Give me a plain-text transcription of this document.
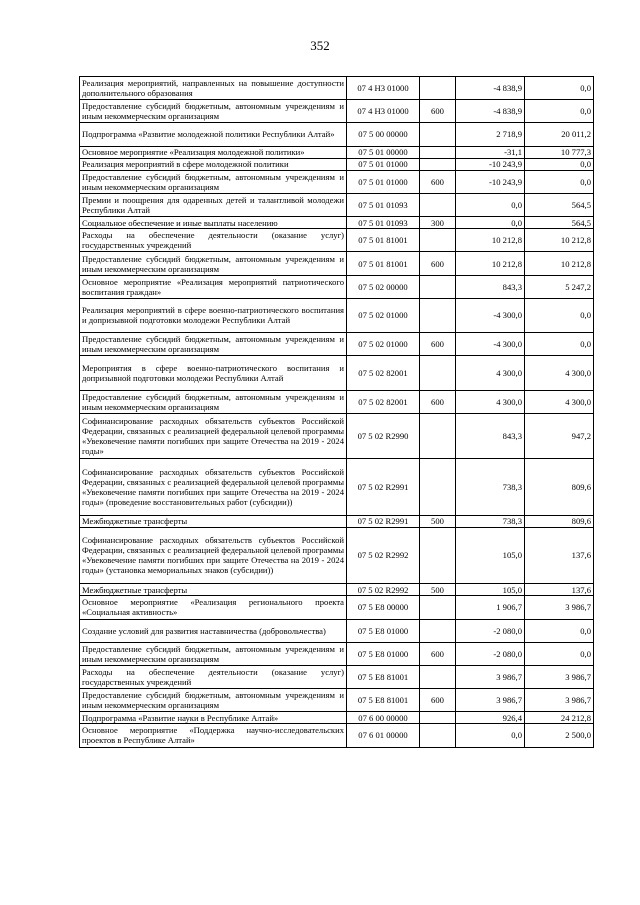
352
Реализация мероприятий, направленных на повышение доступности дополнительного образования	07 4 Н3 01000		-4 838,9	0,0
Предоставление субсидий бюджетным, автономным учреждениям и иным некоммерческим организациям	07 4 Н3 01000	600	-4 838,9	0,0
Подпрограмма «Развитие молодежной политики Республики Алтай»	07 5 00 00000		2 718,9	20 011,2
Основное мероприятие «Реализация молодежной политики»	07 5 01 00000		-31,1	10 777,3
Реализация мероприятий в сфере молодежной политики	07 5 01 01000		-10 243,9	0,0
Предоставление субсидий бюджетным, автономным учреждениям и иным некоммерческим организациям	07 5 01 01000	600	-10 243,9	0,0
Премии и поощрения для одаренных детей и талантливой молодежи Республики Алтай	07 5 01 01093		0,0	564,5
Социальное обеспечение и иные выплаты населению	07 5 01 01093	300	0,0	564,5
Расходы на обеспечение деятельности (оказание услуг) государственных учреждений	07 5 01 81001		10 212,8	10 212,8
Предоставление субсидий бюджетным, автономным учреждениям и иным некоммерческим организациям	07 5 01 81001	600	10 212,8	10 212,8
Основное мероприятие «Реализация мероприятий патриотического воспитания граждан»	07 5 02 00000		843,3	5 247,2
Реализация мероприятий в сфере военно-патриотического воспитания и допризывной подготовки молодежи Республики Алтай	07 5 02 01000		-4 300,0	0,0
Предоставление субсидий бюджетным, автономным учреждениям и иным некоммерческим организациям	07 5 02 01000	600	-4 300,0	0,0
Мероприятия в сфере военно-патриотического воспитания и допризывной подготовки молодежи Республики Алтай	07 5 02 82001		4 300,0	4 300,0
Предоставление субсидий бюджетным, автономным учреждениям и иным некоммерческим организациям	07 5 02 82001	600	4 300,0	4 300,0
Софинансирование расходных обязательств субъектов Российской Федерации, связанных с реализацией федеральной целевой программы «Увековечение памяти погибших при защите Отечества на 2019 - 2024 годы»	07 5 02 R2990		843,3	947,2
Софинансирование расходных обязательств субъектов Российской Федерации, связанных с реализацией федеральной целевой программы «Увековечение памяти погибших при защите Отечества на 2019 - 2024 годы» (проведение восстановительных работ (субсидии))	07 5 02 R2991		738,3	809,6
Межбюджетные трансферты	07 5 02 R2991	500	738,3	809,6
Софинансирование расходных обязательств субъектов Российской Федерации, связанных с реализацией федеральной целевой программы «Увековечение памяти погибших при защите Отечества на 2019 - 2024 годы» (установка мемориальных знаков (субсидии))	07 5 02 R2992		105,0	137,6
Межбюджетные трансферты	07 5 02 R2992	500	105,0	137,6
Основное мероприятие «Реализация регионального проекта «Социальная активность»	07 5 Е8 00000		1 906,7	3 986,7
Создание условий для развития наставничества (добровольчества)	07 5 Е8 01000		-2 080,0	0,0
Предоставление субсидий бюджетным, автономным учреждениям и иным некоммерческим организациям	07 5 Е8 01000	600	-2 080,0	0,0
Расходы на обеспечение деятельности (оказание услуг) государственных учреждений	07 5 Е8 81001		3 986,7	3 986,7
Предоставление субсидий бюджетным, автономным учреждениям и иным некоммерческим организациям	07 5 Е8 81001	600	3 986,7	3 986,7
Подпрограмма «Развитие науки в Республике Алтай»	07 6 00 00000		926,4	24 212,8
Основное мероприятие «Поддержка научно-исследовательских проектов в Республике Алтай»	07 6 01 00000		0,0	2 500,0
